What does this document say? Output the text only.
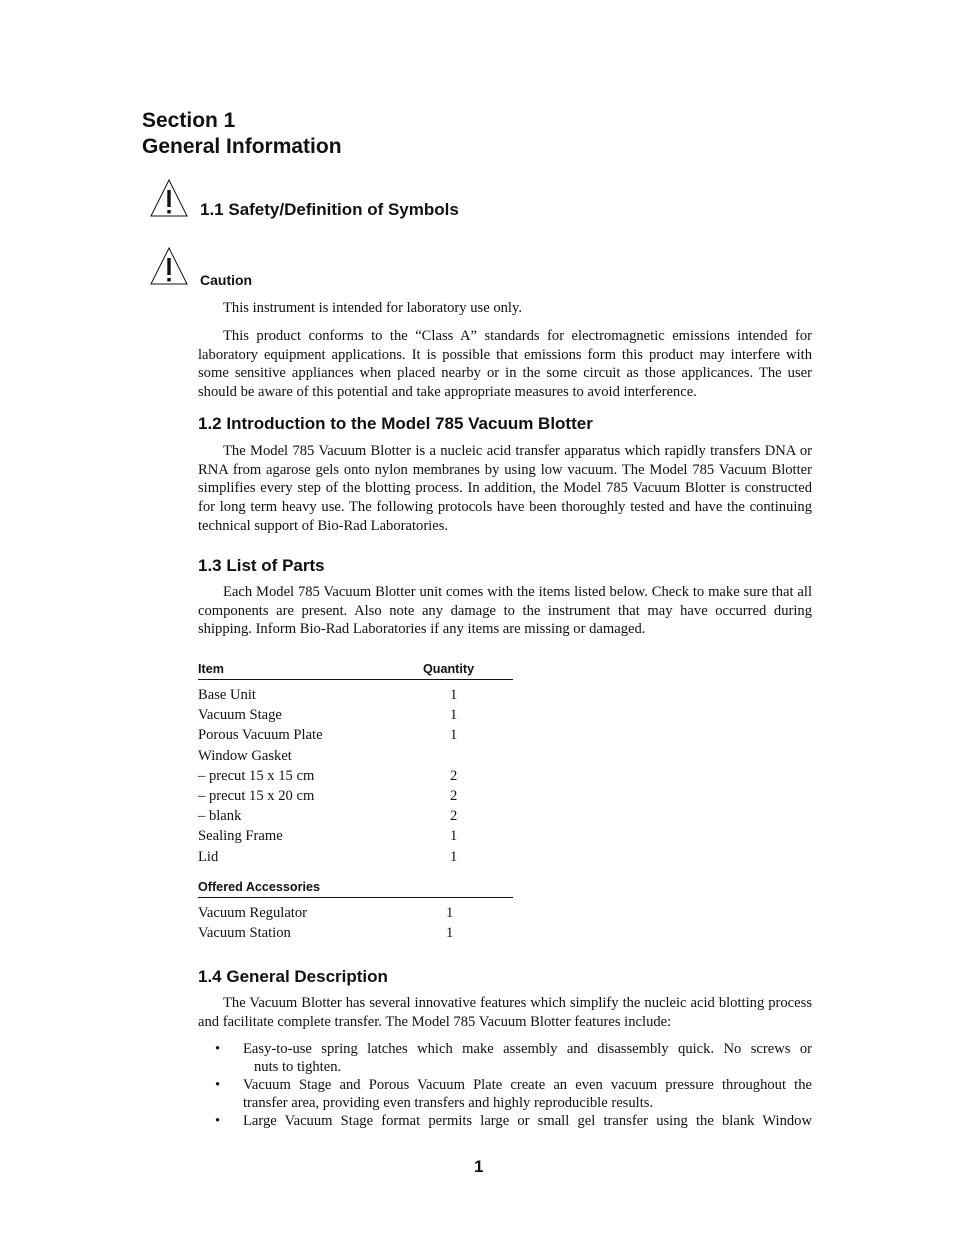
Section 1
General Information
1.1 Safety/Definition of Symbols
Caution

This instrument is intended for laboratory use only.

This product conforms to the “Class A” standards for electromagnetic emissions intended for laboratory equipment applications. It is possible that emissions form this product may interfere with some sensitive appliances when placed nearby or in the some circuit as those applicances. The user should be aware of this potential and take appropriate measures to avoid interference.

1.2 Introduction to the Model 785 Vacuum Blotter

The Model 785 Vacuum Blotter is a nucleic acid transfer apparatus which rapidly transfers DNA or RNA from agarose gels onto nylon membranes by using low vacuum. The Model 785 Vacuum Blotter simplifies every step of the blotting process. In addition, the Model 785 Vacuum Blotter is constructed for long term heavy use. The following protocols have been thoroughly tested and have the continuing technical support of Bio-Rad Laboratories.

1.3 List of Parts

Each Model 785 Vacuum Blotter unit comes with the items listed below. Check to make sure that all components are present. Also note any damage to the instrument that may have occurred during shipping. Inform Bio-Rad Laboratories if any items are missing or damaged.

Item	Quantity
Base Unit	1
Vacuum Stage	1
Porous Vacuum Plate	1
Window Gasket
– precut 15 x 15 cm	2
– precut 15 x 20 cm	2
– blank	2
Sealing Frame	1
Lid	1
Offered Accessories
Vacuum Regulator	1
Vacuum Station	1
1.4 General Description

The Vacuum Blotter has several innovative features which simplify the nucleic acid blotting process and facilitate complete transfer. The Model 785 Vacuum Blotter features include:

• Easy-to-use spring latches which make assembly and disassembly quick. No screws or
nuts to tighten.
• Vacuum Stage and Porous Vacuum Plate create an even vacuum pressure throughout the
transfer area, providing even transfers and highly reproducible results.
• Large Vacuum Stage format permits large or small gel transfer using the blank Window
1
